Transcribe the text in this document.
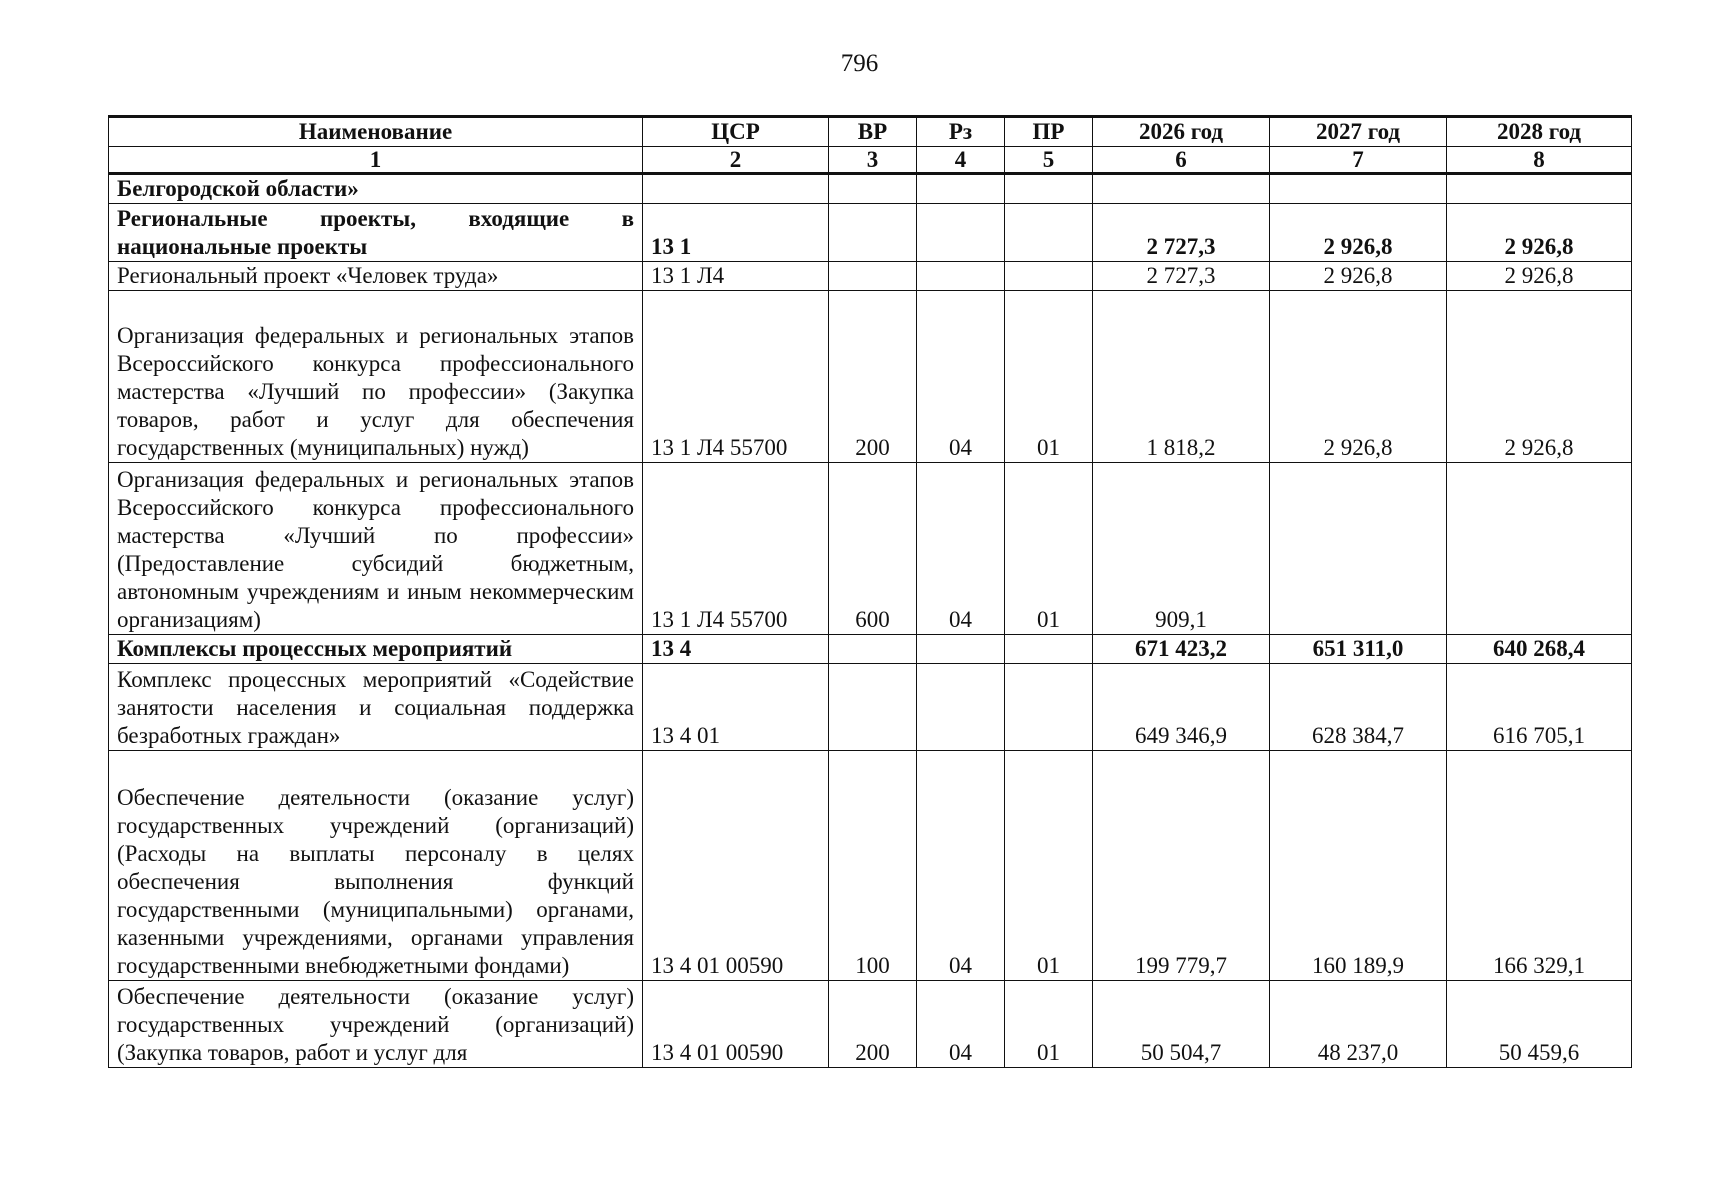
796
Наименование	ЦСР	ВР	Рз	ПР	2026 год	2027 год	2028 год
1	2	3	4	5	6	7	8
Белгородской области»							
Региональные проекты, входящие в национальные проекты	13 1				2 727,3	2 926,8	2 926,8
Региональный проект «Человек труда»	13 1 Л4				2 727,3	2 926,8	2 926,8
Организация федеральных и региональных этапов Всероссийского конкурса профессионального мастерства «Лучший по профессии» (Закупка товаров, работ и услуг для обеспечения государственных (муниципальных) нужд)	13 1 Л4 55700	200	04	01	1 818,2	2 926,8	2 926,8
Организация федеральных и региональных этапов Всероссийского конкурса профессионального мастерства «Лучший по профессии» (Предоставление субсидий бюджетным, автономным учреждениям и иным некоммерческим организациям)	13 1 Л4 55700	600	04	01	909,1		
Комплексы процессных мероприятий	13 4				671 423,2	651 311,0	640 268,4
Комплекс процессных мероприятий «Содействие занятости населения и социальная поддержка безработных граждан»	13 4 01				649 346,9	628 384,7	616 705,1
Обеспечение деятельности (оказание услуг) государственных учреждений (организаций) (Расходы на выплаты персоналу в целях обеспечения выполнения функций государственными (муниципальными) органами, казенными учреждениями, органами управления государственными внебюджетными фондами)	13 4 01 00590	100	04	01	199 779,7	160 189,9	166 329,1
Обеспечение деятельности (оказание услуг) государственных учреждений (организаций) (Закупка товаров, работ и услуг для	13 4 01 00590	200	04	01	50 504,7	48 237,0	50 459,6
